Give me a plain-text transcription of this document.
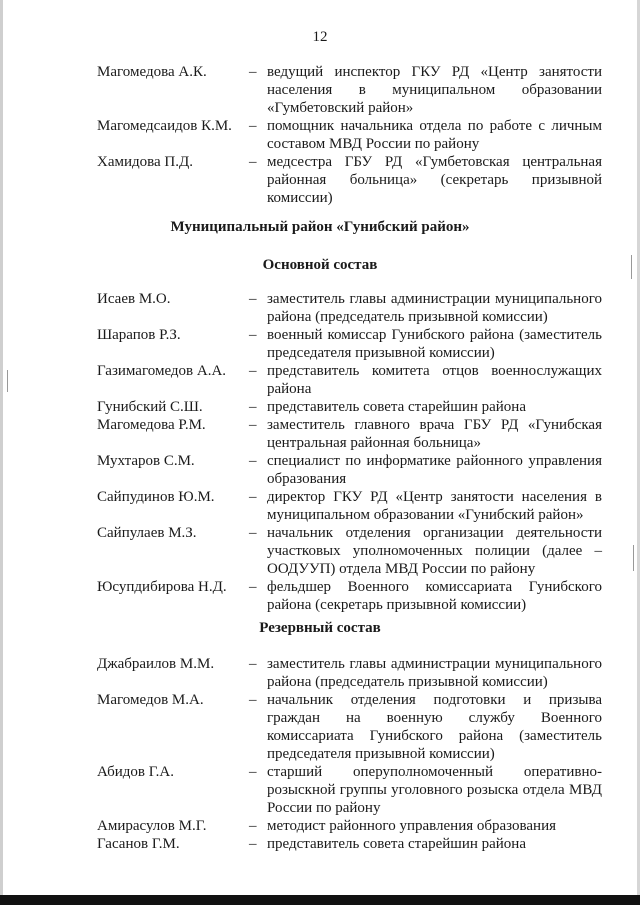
12
Магомедова А.К.	– ведущий инспектор ГКУ РД «Центр занятости населения в муниципальном образовании «Гумбетовский район»
Магомедсаидов К.М.	– помощник начальника отдела по работе с личным составом МВД России по району
Хамидова П.Д.	– медсестра ГБУ РД «Гумбетовская центральная районная больница» (секретарь призывной комиссии)
Муниципальный район «Гунибский район»
Основной состав
Исаев М.О.	– заместитель главы администрации муниципального района (председатель призывной комиссии)
Шарапов Р.З.	– военный комиссар Гунибского района (заместитель председателя призывной комиссии)
Газимагомедов А.А.	– представитель комитета отцов военнослужащих района
Гунибский С.Ш.	– представитель совета старейшин района
Магомедова Р.М.	– заместитель главного врача ГБУ РД «Гунибская центральная районная больница»
Мухтаров С.М.	– специалист по информатике районного управления образования
Сайпудинов Ю.М.	– директор ГКУ РД «Центр занятости населения в муниципальном образовании «Гунибский район»
Сайпулаев М.З.	– начальник отделения организации деятельности участковых уполномоченных полиции (далее – ООДУУП) отдела МВД России по району
Юсупдибирова Н.Д.	– фельдшер Военного комиссариата Гунибского района (секретарь призывной комиссии)
Резервный состав
Джабраилов М.М.	– заместитель главы администрации муниципального района (председатель призывной комиссии)
Магомедов М.А.	– начальник отделения подготовки и призыва граждан на военную службу Военного комиссариата Гунибского района (заместитель председателя призывной комиссии)
Абидов Г.А.	– старший оперуполномоченный оперативно-розыскной группы уголовного розыска отдела МВД России по району
Амирасулов М.Г.	– методист районного управления образования
Гасанов Г.М.	– представитель совета старейшин района
